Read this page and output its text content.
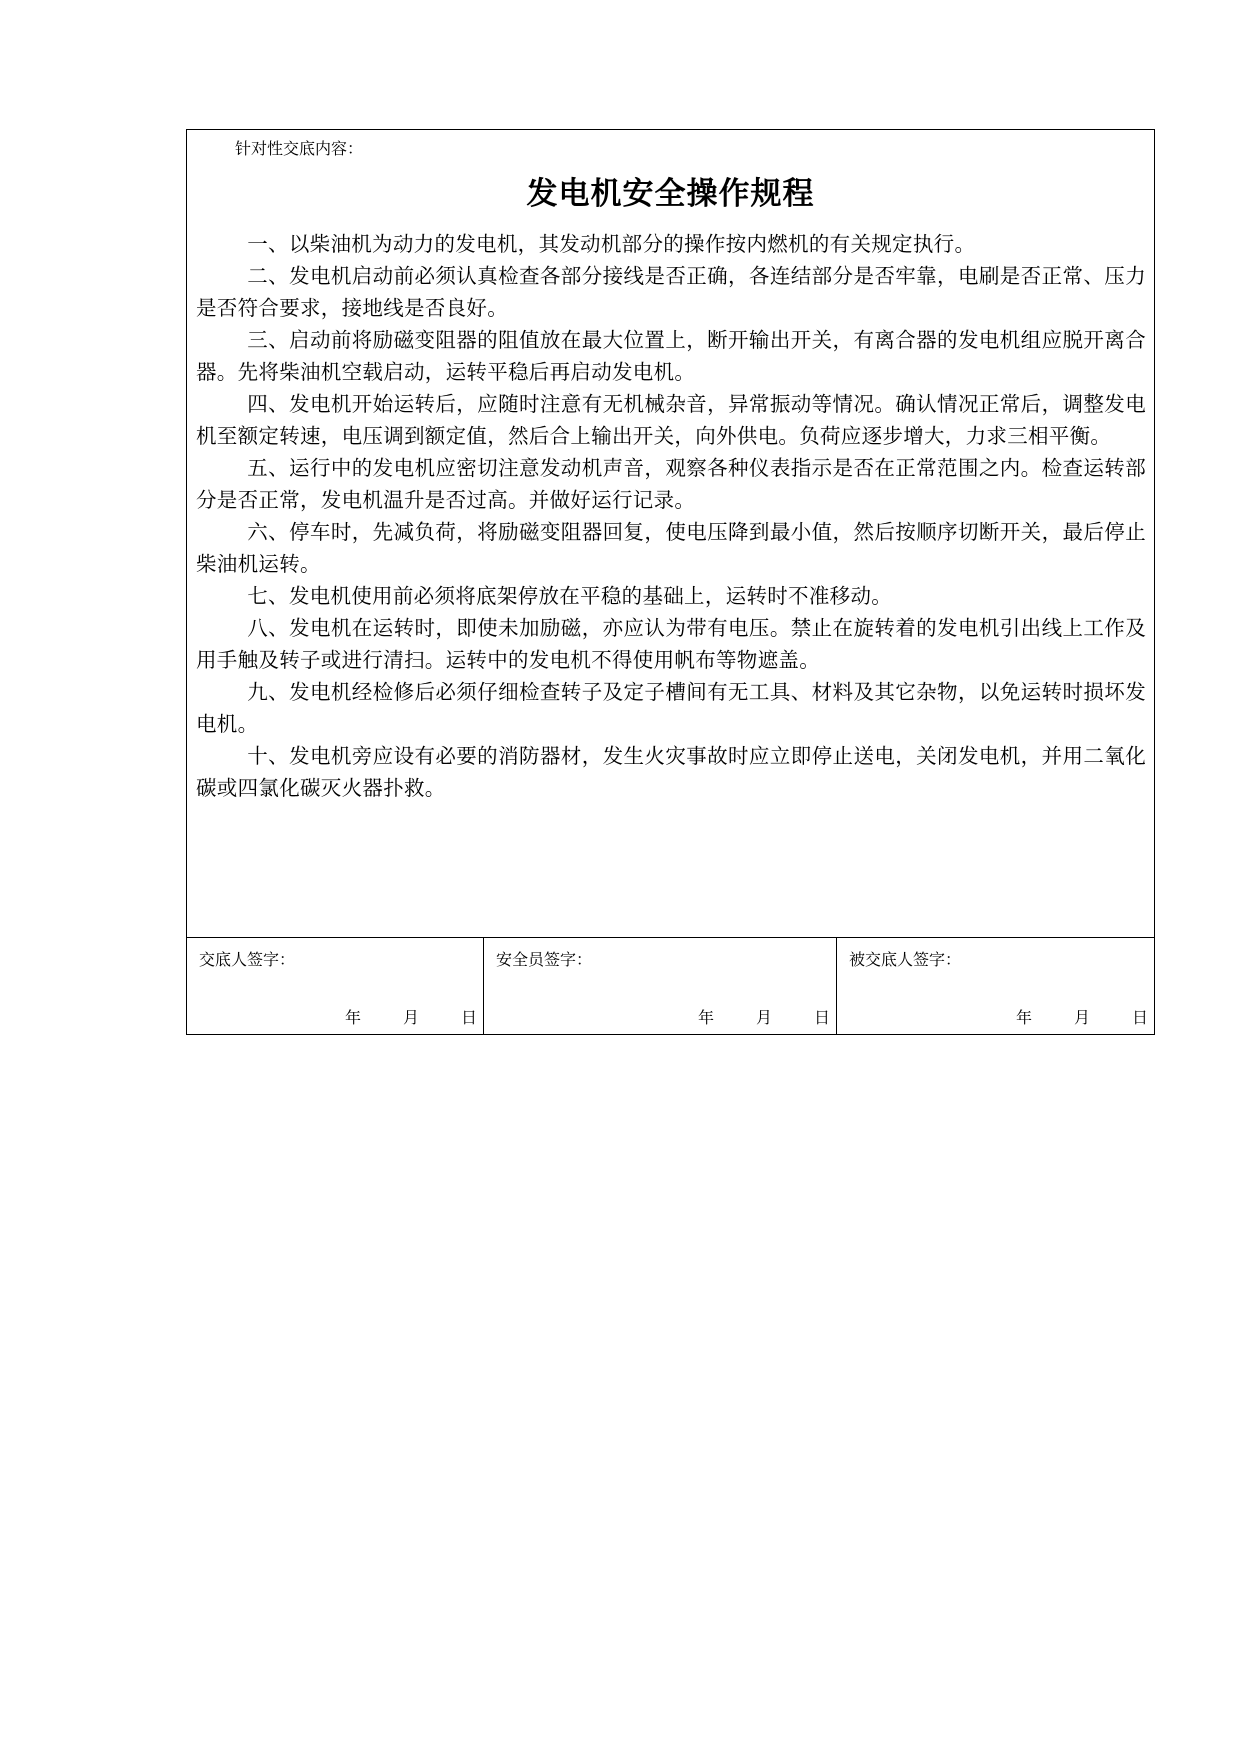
针对性交底内容：
发电机安全操作规程

一、以柴油机为动力的发电机，其发动机部分的操作按内燃机的有关规定执行。

二、发电机启动前必须认真检查各部分接线是否正确，各连结部分是否牢靠，电刷是否正常、压力是否符合要求，接地线是否良好。

三、启动前将励磁变阻器的阻值放在最大位置上，断开输出开关，有离合器的发电机组应脱开离合器。先将柴油机空载启动，运转平稳后再启动发电机。

四、发电机开始运转后，应随时注意有无机械杂音，异常振动等情况。确认情况正常后，调整发电机至额定转速，电压调到额定值，然后合上输出开关，向外供电。负荷应逐步增大，力求三相平衡。

五、运行中的发电机应密切注意发动机声音，观察各种仪表指示是否在正常范围之内。检查运转部分是否正常，发电机温升是否过高。并做好运行记录。

六、停车时，先减负荷，将励磁变阻器回复，使电压降到最小值，然后按顺序切断开关，最后停止柴油机运转。

七、发电机使用前必须将底架停放在平稳的基础上，运转时不准移动。

八、发电机在运转时，即使未加励磁，亦应认为带有电压。禁止在旋转着的发电机引出线上工作及用手触及转子或进行清扫。运转中的发电机不得使用帆布等物遮盖。

九、发电机经检修后必须仔细检查转子及定子槽间有无工具、材料及其它杂物，以免运转时损坏发电机。

十、发电机旁应设有必要的消防器材，发生火灾事故时应立即停止送电，关闭发电机，并用二氧化碳或四氯化碳灭火器扑救。

交底人签字：
年	月	日
安全员签字：
年	月	日
被交底人签字：
年	月	日
